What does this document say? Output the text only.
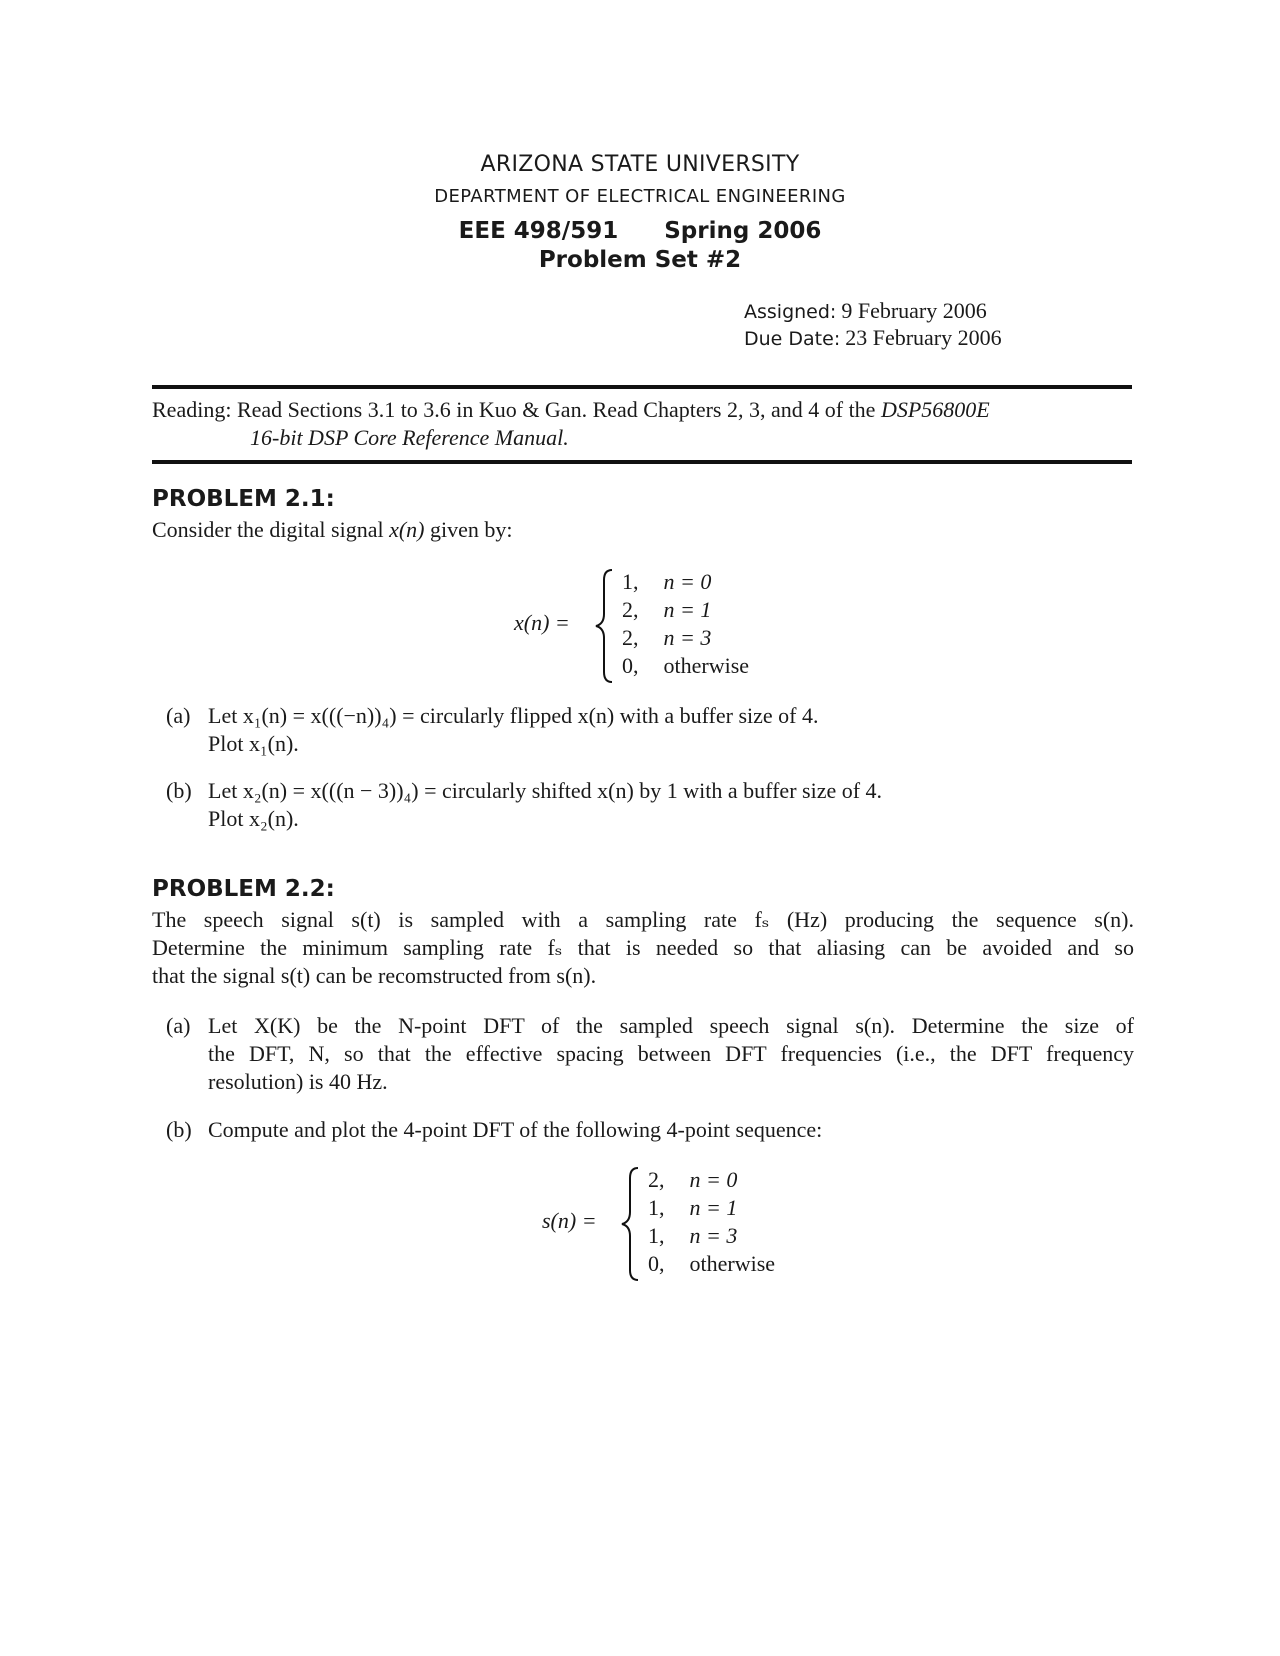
ARIZONA STATE UNIVERSITY
DEPARTMENT OF ELECTRICAL ENGINEERING
EEE 498/591 Spring 2006
Problem Set #2
Assigned: 9 February 2006
Due Date: 23 February 2006
Reading: Read Sections 3.1 to 3.6 in Kuo & Gan. Read Chapters 2, 3, and 4 of the DSP56800E
16-bit DSP Core Reference Manual.
PROBLEM 2.1:
Consider the digital signal x(n) given by:
x(n) =
1, n = 0
2, n = 1
2, n = 3
0, otherwise
(a) Let x₁(n) = x(((−n))₄) = circularly flipped x(n) with a buffer size of 4.
Plot x₁(n).
(b) Let x₂(n) = x(((n − 3))₄) = circularly shifted x(n) by 1 with a buffer size of 4.
Plot x₂(n).
PROBLEM 2.2:
The speech signal s(t) is sampled with a sampling rate fₛ (Hz) producing the sequence s(n).
Determine the minimum sampling rate fₛ that is needed so that aliasing can be avoided and so
that the signal s(t) can be recomstructed from s(n).
(a) Let X(K) be the N-point DFT of the sampled speech signal s(n). Determine the size of
the DFT, N, so that the effective spacing between DFT frequencies (i.e., the DFT frequency
resolution) is 40 Hz.
(b) Compute and plot the 4-point DFT of the following 4-point sequence:
s(n) =
2, n = 0
1, n = 1
1, n = 3
0, otherwise
